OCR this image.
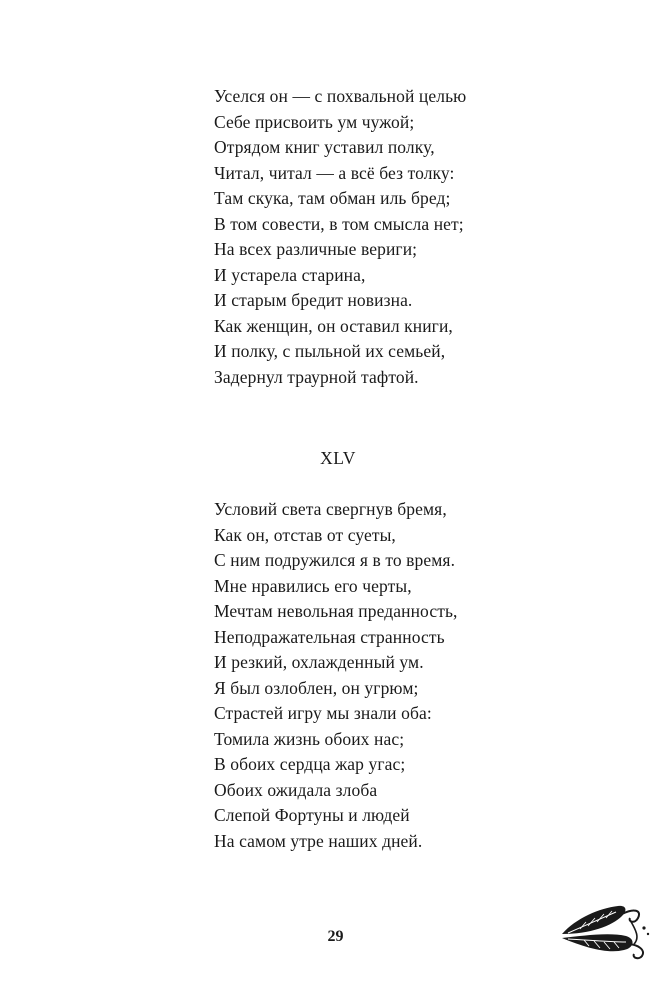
Уселся он — с похвальной целью
Себе присвоить ум чужой;
Отрядом книг уставил полку,
Читал, читал — а всё без толку:
Там скука, там обман иль бред;
В том совести, в том смысла нет;
На всех различные вериги;
И устарела старина,
И старым бредит новизна.
Как женщин, он оставил книги,
И полку, с пыльной их семьей,
Задернул траурной тафтой.
XLV
Условий света свергнув бремя,
Как он, отстав от суеты,
С ним подружился я в то время.
Мне нравились его черты,
Мечтам невольная преданность,
Неподражательная странность
И резкий, охлажденный ум.
Я был озлоблен, он угрюм;
Страстей игру мы знали оба:
Томила жизнь обоих нас;
В обоих сердца жар угас;
Обоих ожидала злоба
Слепой Фортуны и людей
На самом утре наших дней.
29
